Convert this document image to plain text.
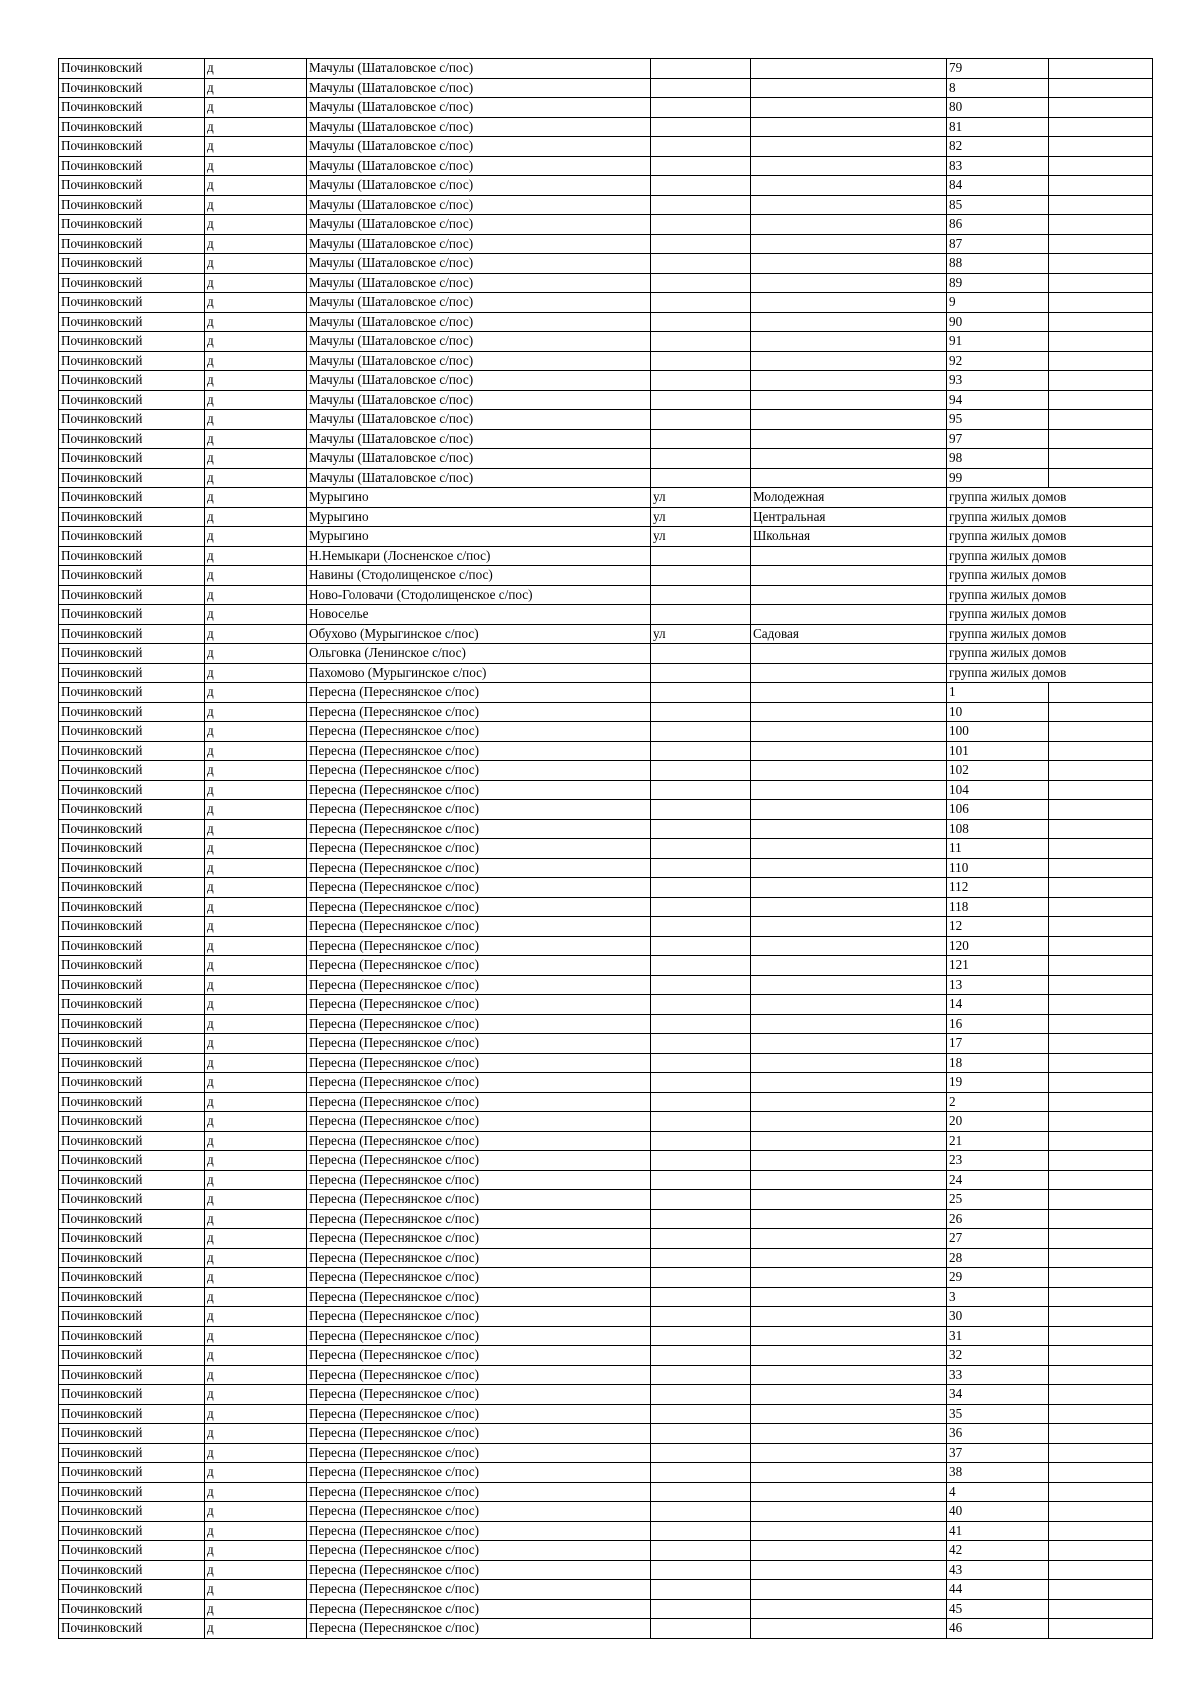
Починковский	д	Мачулы (Шаталовское с/пос)			79	
Починковский	д	Мачулы (Шаталовское с/пос)			8	
Починковский	д	Мачулы (Шаталовское с/пос)			80	
Починковский	д	Мачулы (Шаталовское с/пос)			81	
Починковский	д	Мачулы (Шаталовское с/пос)			82	
Починковский	д	Мачулы (Шаталовское с/пос)			83	
Починковский	д	Мачулы (Шаталовское с/пос)			84	
Починковский	д	Мачулы (Шаталовское с/пос)			85	
Починковский	д	Мачулы (Шаталовское с/пос)			86	
Починковский	д	Мачулы (Шаталовское с/пос)			87	
Починковский	д	Мачулы (Шаталовское с/пос)			88	
Починковский	д	Мачулы (Шаталовское с/пос)			89	
Починковский	д	Мачулы (Шаталовское с/пос)			9	
Починковский	д	Мачулы (Шаталовское с/пос)			90	
Починковский	д	Мачулы (Шаталовское с/пос)			91	
Починковский	д	Мачулы (Шаталовское с/пос)			92	
Починковский	д	Мачулы (Шаталовское с/пос)			93	
Починковский	д	Мачулы (Шаталовское с/пос)			94	
Починковский	д	Мачулы (Шаталовское с/пос)			95	
Починковский	д	Мачулы (Шаталовское с/пос)			97	
Починковский	д	Мачулы (Шаталовское с/пос)			98	
Починковский	д	Мачулы (Шаталовское с/пос)			99	
Починковский	д	Мурыгино	ул	Молодежная	группа жилых домов	
Починковский	д	Мурыгино	ул	Центральная	группа жилых домов	
Починковский	д	Мурыгино	ул	Школьная	группа жилых домов	
Починковский	д	Н.Немыкари (Лосненское с/пос)			группа жилых домов	
Починковский	д	Навины (Стодолищенское с/пос)			группа жилых домов	
Починковский	д	Ново-Головачи (Стодолищенское с/пос)			группа жилых домов	
Починковский	д	Новоселье			группа жилых домов	
Починковский	д	Обухово (Мурыгинское с/пос)	ул	Садовая	группа жилых домов	
Починковский	д	Ольговка (Ленинское с/пос)			группа жилых домов	
Починковский	д	Пахомово (Мурыгинское с/пос)			группа жилых домов	
Починковский	д	Пересна (Переснянское с/пос)			1	
Починковский	д	Пересна (Переснянское с/пос)			10	
Починковский	д	Пересна (Переснянское с/пос)			100	
Починковский	д	Пересна (Переснянское с/пос)			101	
Починковский	д	Пересна (Переснянское с/пос)			102	
Починковский	д	Пересна (Переснянское с/пос)			104	
Починковский	д	Пересна (Переснянское с/пос)			106	
Починковский	д	Пересна (Переснянское с/пос)			108	
Починковский	д	Пересна (Переснянское с/пос)			11	
Починковский	д	Пересна (Переснянское с/пос)			110	
Починковский	д	Пересна (Переснянское с/пос)			112	
Починковский	д	Пересна (Переснянское с/пос)			118	
Починковский	д	Пересна (Переснянское с/пос)			12	
Починковский	д	Пересна (Переснянское с/пос)			120	
Починковский	д	Пересна (Переснянское с/пос)			121	
Починковский	д	Пересна (Переснянское с/пос)			13	
Починковский	д	Пересна (Переснянское с/пос)			14	
Починковский	д	Пересна (Переснянское с/пос)			16	
Починковский	д	Пересна (Переснянское с/пос)			17	
Починковский	д	Пересна (Переснянское с/пос)			18	
Починковский	д	Пересна (Переснянское с/пос)			19	
Починковский	д	Пересна (Переснянское с/пос)			2	
Починковский	д	Пересна (Переснянское с/пос)			20	
Починковский	д	Пересна (Переснянское с/пос)			21	
Починковский	д	Пересна (Переснянское с/пос)			23	
Починковский	д	Пересна (Переснянское с/пос)			24	
Починковский	д	Пересна (Переснянское с/пос)			25	
Починковский	д	Пересна (Переснянское с/пос)			26	
Починковский	д	Пересна (Переснянское с/пос)			27	
Починковский	д	Пересна (Переснянское с/пос)			28	
Починковский	д	Пересна (Переснянское с/пос)			29	
Починковский	д	Пересна (Переснянское с/пос)			3	
Починковский	д	Пересна (Переснянское с/пос)			30	
Починковский	д	Пересна (Переснянское с/пос)			31	
Починковский	д	Пересна (Переснянское с/пос)			32	
Починковский	д	Пересна (Переснянское с/пос)			33	
Починковский	д	Пересна (Переснянское с/пос)			34	
Починковский	д	Пересна (Переснянское с/пос)			35	
Починковский	д	Пересна (Переснянское с/пос)			36	
Починковский	д	Пересна (Переснянское с/пос)			37	
Починковский	д	Пересна (Переснянское с/пос)			38	
Починковский	д	Пересна (Переснянское с/пос)			4	
Починковский	д	Пересна (Переснянское с/пос)			40	
Починковский	д	Пересна (Переснянское с/пос)			41	
Починковский	д	Пересна (Переснянское с/пос)			42	
Починковский	д	Пересна (Переснянское с/пос)			43	
Починковский	д	Пересна (Переснянское с/пос)			44	
Починковский	д	Пересна (Переснянское с/пос)			45	
Починковский	д	Пересна (Переснянское с/пос)			46	
